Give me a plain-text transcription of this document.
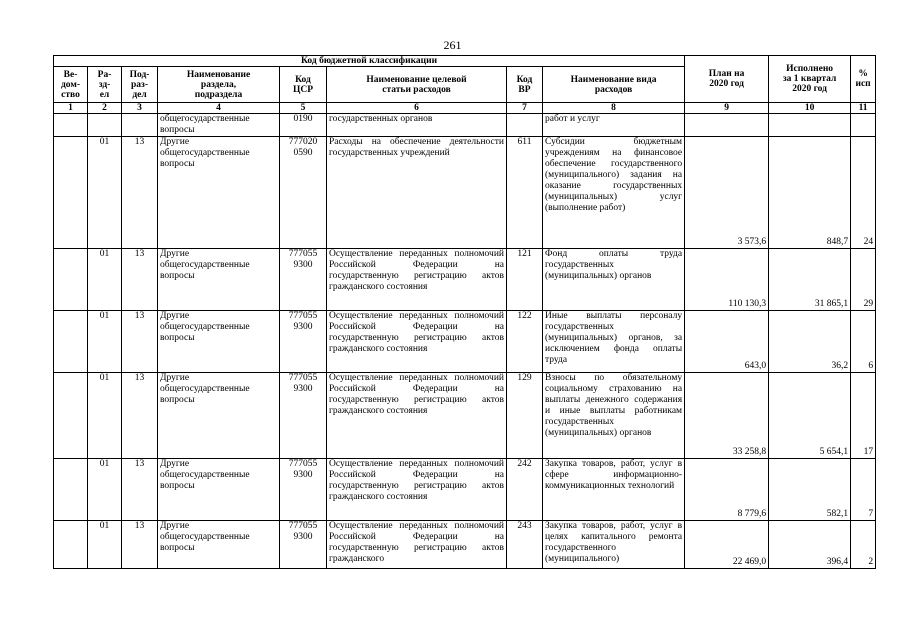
261
Код бюджетной классификации								План на
2020 год	Исполнено
за 1 квартал
2020 год	%
исп
Ве-
дом-
ство	Ра-
зд-
ел	Под-
раз-
дел	Наименование
раздела,
подраздела	Код
ЦСР	Наименование целевой
статьи расходов	Код
ВР	Наименование вида
расходов			
1	2	3	4	5	6	7	8	9	10	11
			общегосударственные вопросы	0190	государственных органов		работ и услуг			
	01	13	Другие общегосударственные вопросы	777020 0590	Расходы на обеспечение деятельности государственных учреждений	611	Субсидии бюджетным учреждениям на финансовое обеспечение государственного (муниципального) задания на оказание государственных (муниципальных) услуг (выполнение работ)	3 573,6	848,7	24
	01	13	Другие общегосударственные вопросы	777055 9300	Осуществление переданных полномочий Российской Федерации на государственную регистрацию актов гражданского состояния	121	Фонд оплаты труда государственных (муниципальных) органов	110 130,3	31 865,1	29
	01	13	Другие общегосударственные вопросы	777055 9300	Осуществление переданных полномочий Российской Федерации на государственную регистрацию актов гражданского состояния	122	Иные выплаты персоналу государственных (муниципальных) органов, за исключением фонда оплаты труда	643,0	36,2	6
	01	13	Другие общегосударственные вопросы	777055 9300	Осуществление переданных полномочий Российской Федерации на государственную регистрацию актов гражданского состояния	129	Взносы по обязательному социальному страхованию на выплаты денежного содержания и иные выплаты работникам государственных (муниципальных) органов	33 258,8	5 654,1	17
	01	13	Другие общегосударственные вопросы	777055 9300	Осуществление переданных полномочий Российской Федерации на государственную регистрацию актов гражданского состояния	242	Закупка товаров, работ, услуг в сфере информационно-коммуникационных технологий	8 779,6	582,1	7
	01	13	Другие общегосударственные вопросы	777055 9300	Осуществление переданных полномочий Российской Федерации на государственную регистрацию актов гражданского	243	Закупка товаров, работ, услуг в целях капитального ремонта государственного (муниципального)	22 469,0	396,4	2
